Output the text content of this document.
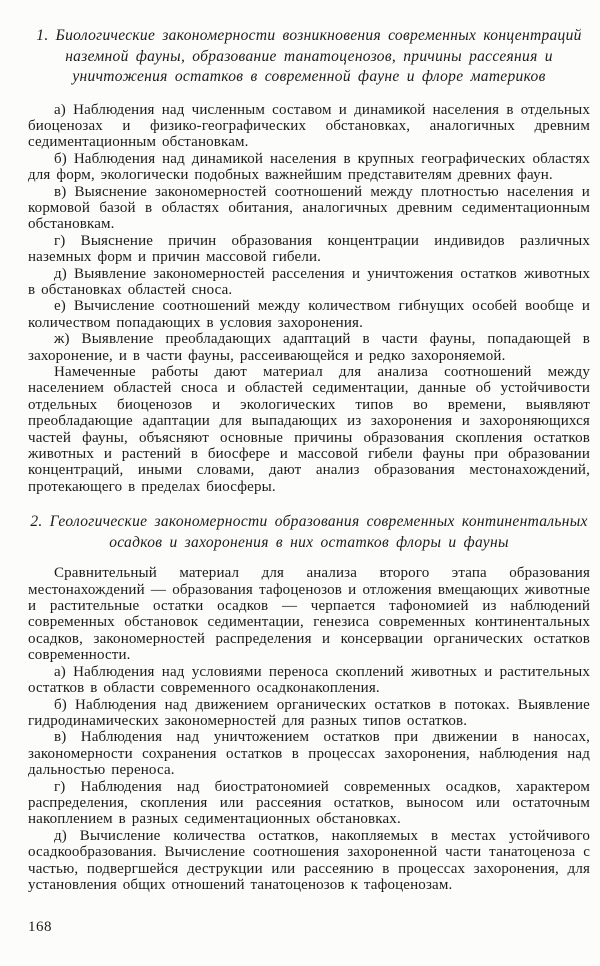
1. Биологические закономерности возникновения современных концентраций наземной фауны, образование танатоценозов, причины рассеяния и уничтожения остатков в современной фауне и флоре материков

а) Наблюдения над численным составом и динамикой населения в отдельных биоценозах и физико-географических обстановках, аналогичных древним седиментационным обстановкам.

б) Наблюдения над динамикой населения в крупных географических областях для форм, экологически подобных важнейшим представителям древних фаун.

в) Выяснение закономерностей соотношений между плотностью населения и кормовой базой в областях обитания, аналогичных древним седиментационным обстановкам.

г) Выяснение причин образования концентрации индивидов различных наземных форм и причин массовой гибели.

д) Выявление закономерностей расселения и уничтожения остатков животных в обстановках областей сноса.

е) Вычисление соотношений между количеством гибнущих особей вообще и количеством попадающих в условия захоронения.

ж) Выявление преобладающих адаптаций в части фауны, попадающей в захоронение, и в части фауны, рассеивающейся и редко захороняемой.

Намеченные работы дают материал для анализа соотношений между населением областей сноса и областей седиментации, данные об устойчивости отдельных биоценозов и экологических типов во времени, выявляют преобладающие адаптации для выпадающих из захоронения и захороняющихся частей фауны, объясняют основные причины образования скопления остатков животных и растений в биосфере и массовой гибели фауны при образовании концентраций, иными словами, дают анализ образования местонахождений, протекающего в пределах биосферы.

2. Геологические закономерности образования современных континентальных осадков и захоронения в них остатков флоры и фауны

Сравнительный материал для анализа второго этапа образования местонахождений — образования тафоценозов и отложения вмещающих животные и растительные остатки осадков — черпается тафономией из наблюдений современных обстановок седиментации, генезиса современных континентальных осадков, закономерностей распределения и консервации органических остатков современности.

а) Наблюдения над условиями переноса скоплений животных и растительных остатков в области современного осадконакопления.

б) Наблюдения над движением органических остатков в потоках. Выявление гидродинамических закономерностей для разных типов остатков.

в) Наблюдения над уничтожением остатков при движении в наносах, закономерности сохранения остатков в процессах захоронения, наблюдения над дальностью переноса.

г) Наблюдения над биостратономией современных осадков, характером распределения, скопления или рассеяния остатков, выносом или остаточным накоплением в разных седиментационных обстановках.

д) Вычисление количества остатков, накопляемых в местах устойчивого осадкообразования. Вычисление соотношения захороненной части танатоценоза с частью, подвергшейся деструкции или рассеянию в процессах захоронения, для установления общих отношений танатоценозов к тафоценозам.

168
